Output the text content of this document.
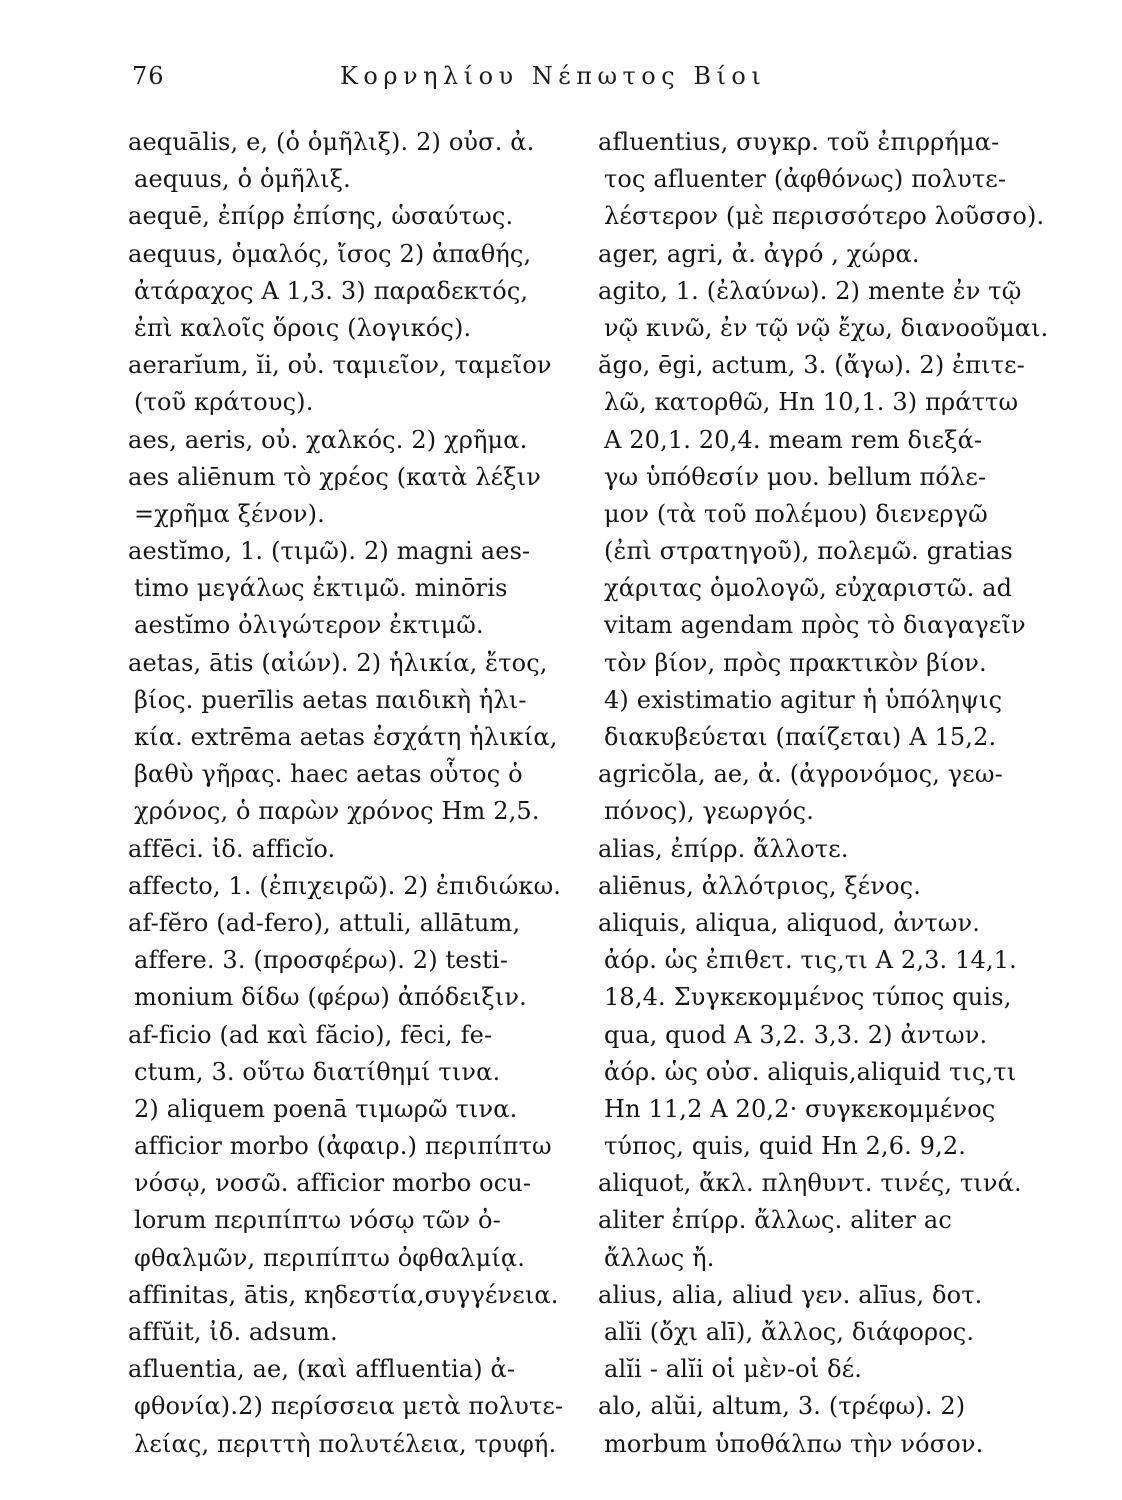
76	Κορνηλίου Νέπωτος Βίοι
aequālis, e, (ὁ ὁμῆλιξ). 2) οὐσ. ἀ.
aequus, ὁ ὁμῆλιξ.
aequē, ἐπίρρ ἐπίσης, ὡσαύτως.
aequus, ὁμαλός, ἴσος 2) ἀπαθής,
ἀτάραχος A 1,3. 3) παραδεκτός,
ἐπὶ καλοῖς ὅροις (λογικός).
aerarĭum, ĭi, οὐ. ταμιεῖον, ταμεῖον
(τοῦ κράτους).
aes, aeris, οὐ. χαλκός. 2) χρῆμα.
aes aliēnum τὸ χρέος (κατὰ λέξιν
=χρῆμα ξένον).
aestĭmo, 1. (τιμῶ). 2) magni aes-
timo μεγάλως ἐκτιμῶ. minōris
aestĭmo ὀλιγώτερον ἐκτιμῶ.
aetas, ātis (αἰών). 2) ἡλικία, ἔτος,
βίος. puerīlis aetas παιδικὴ ἡλι-
κία. extrēma aetas ἐσχάτη ἡλικία,
βαθὺ γῆρας. haec aetas οὗτος ὁ
χρόνος, ὁ παρὼν χρόνος Hm 2,5.
affēci. ἰδ. afficĭo.
affecto, 1. (ἐπιχειρῶ). 2) ἐπιδιώκω.
af-fĕro (ad-fero), attuli, allātum,
affere. 3. (προσφέρω). 2) testi-
monium δίδω (φέρω) ἀπόδειξιν.
af-ficio (ad καὶ făcio), fēci, fe-
ctum, 3. οὕτω διατίθημί τινα.
2) aliquem poenā τιμωρῶ τινα.
afficior morbo (ἀφαιρ.) περιπίπτω
νόσῳ, νοσῶ. afficior morbo ocu-
lorum περιπίπτω νόσῳ τῶν ὀ-
φθαλμῶν, περιπίπτω ὀφθαλμίᾳ.
affinitas, ātis, κηδεστία,συγγένεια.
affŭit, ἰδ. adsum.
afluentia, ae, (καὶ affluentia) ἀ-
φθονία).2) περίσσεια μετὰ πολυτε-
λείας, περιττὴ πολυτέλεια, τρυφή.
afluentius, συγκρ. τοῦ ἐπιρρήμα-
τος afluenter (ἀφθόνως) πολυτε-
λέστερον (μὲ περισσότερο λοῦσσο).
ager, agri, ἀ. ἀγρό , χώρα.
agito, 1. (ἐλαύνω). 2) mente ἐν τῷ
νῷ κινῶ, ἐν τῷ νῷ ἔχω, διανοοῦμαι.
ăgo, ēgi, actum, 3. (ἄγω). 2) ἐπιτε-
λῶ, κατορθῶ, Hn 10,1. 3) πράττω
A 20,1. 20,4. meam rem διεξά-
γω ὑπόθεσίν μου. bellum πόλε-
μον (τὰ τοῦ πολέμου) διενεργῶ
(ἐπὶ στρατηγοῦ), πολεμῶ. gratias
χάριτας ὁμολογῶ, εὐχαριστῶ. ad
vitam agendam πρὸς τὸ διαγαγεῖν
τὸν βίον, πρὸς πρακτικὸν βίον.
4) existimatio agitur ἡ ὑπόληψις
διακυβεύεται (παίζεται) A 15,2.
agricŏla, ae, ἀ. (ἀγρονόμος, γεω-
πόνος), γεωργός.
alias, ἐπίρρ. ἄλλοτε.
aliēnus, ἀλλότριος, ξένος.
aliquis, aliqua, aliquod, ἀντων.
ἀόρ. ὡς ἐπιθετ. τις,τι A 2,3. 14,1.
18,4. Συγκεκομμένος τύπος quis,
qua, quod A 3,2. 3,3. 2) ἀντων.
ἀόρ. ὡς οὐσ. aliquis,aliquid τις,τι
Hn 11,2 A 20,2· συγκεκομμένος
τύπος, quis, quid Hn 2,6. 9,2.
aliquot, ἄκλ. πληθυντ. τινές, τινά.
aliter ἐπίρρ. ἄλλως. aliter ac
ἄλλως ἤ.
alius, alia, aliud γεν. alīus, δοτ.
alĭi (ὄχι alī), ἄλλος, διάφορος.
alĭi - alĭi οἱ μὲν-οἱ δέ.
alo, alŭi, altum, 3. (τρέφω). 2)
morbum ὑποθάλπω τὴν νόσον.
